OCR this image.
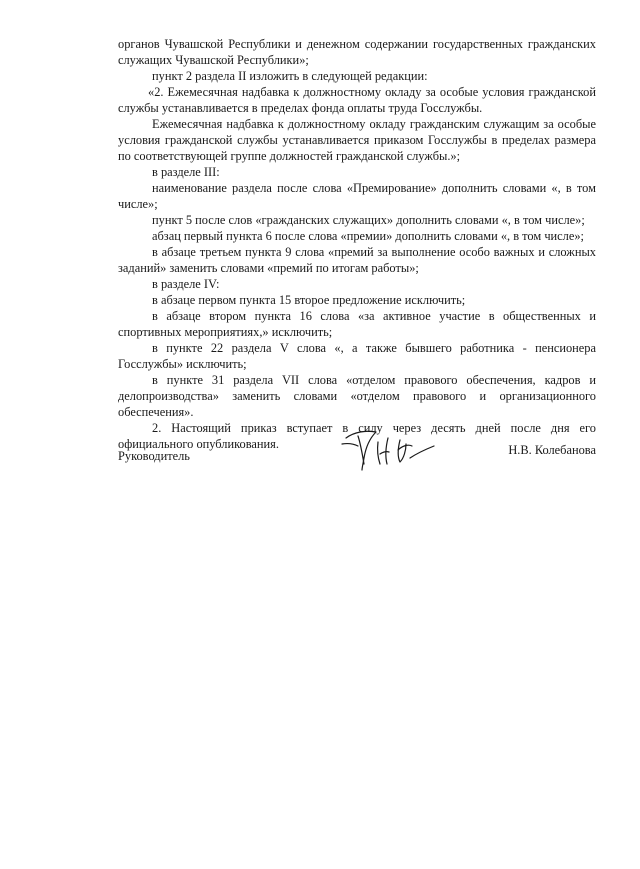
органов Чувашской Республики и денежном содержании государственных гражданских служащих Чувашской Республики»;

пункт 2 раздела II изложить в следующей редакции:

«2. Ежемесячная надбавка к должностному окладу за особые условия гражданской службы устанавливается в пределах фонда оплаты труда Госслужбы.

Ежемесячная надбавка к должностному окладу гражданским служащим за особые условия гражданской службы устанавливается приказом Госслужбы в пределах размера по соответствующей группе должностей гражданской службы.»;

в разделе III:

наименование раздела после слова «Премирование» дополнить словами «, в том числе»;

пункт 5 после слов «гражданских служащих» дополнить словами «, в том числе»;

абзац первый пункта 6 после слова «премии» дополнить словами «, в том числе»;

в абзаце третьем пункта 9 слова «премий за выполнение особо важных и сложных заданий» заменить словами «премий по итогам работы»;

в разделе IV:

в абзаце первом пункта 15 второе предложение исключить;

в абзаце втором пункта 16 слова «за активное участие в общественных и спортивных мероприятиях,» исключить;

в пункте 22 раздела V слова «, а также бывшего работника - пенсионера Госслужбы» исключить;

в пункте 31 раздела VII слова «отделом правового обеспечения, кадров и делопроизводства» заменить словами «отделом правового и организационного обеспечения».

2. Настоящий приказ вступает в силу через десять дней после дня его официального опубликования.

Руководитель	Н.В. Колебанова
